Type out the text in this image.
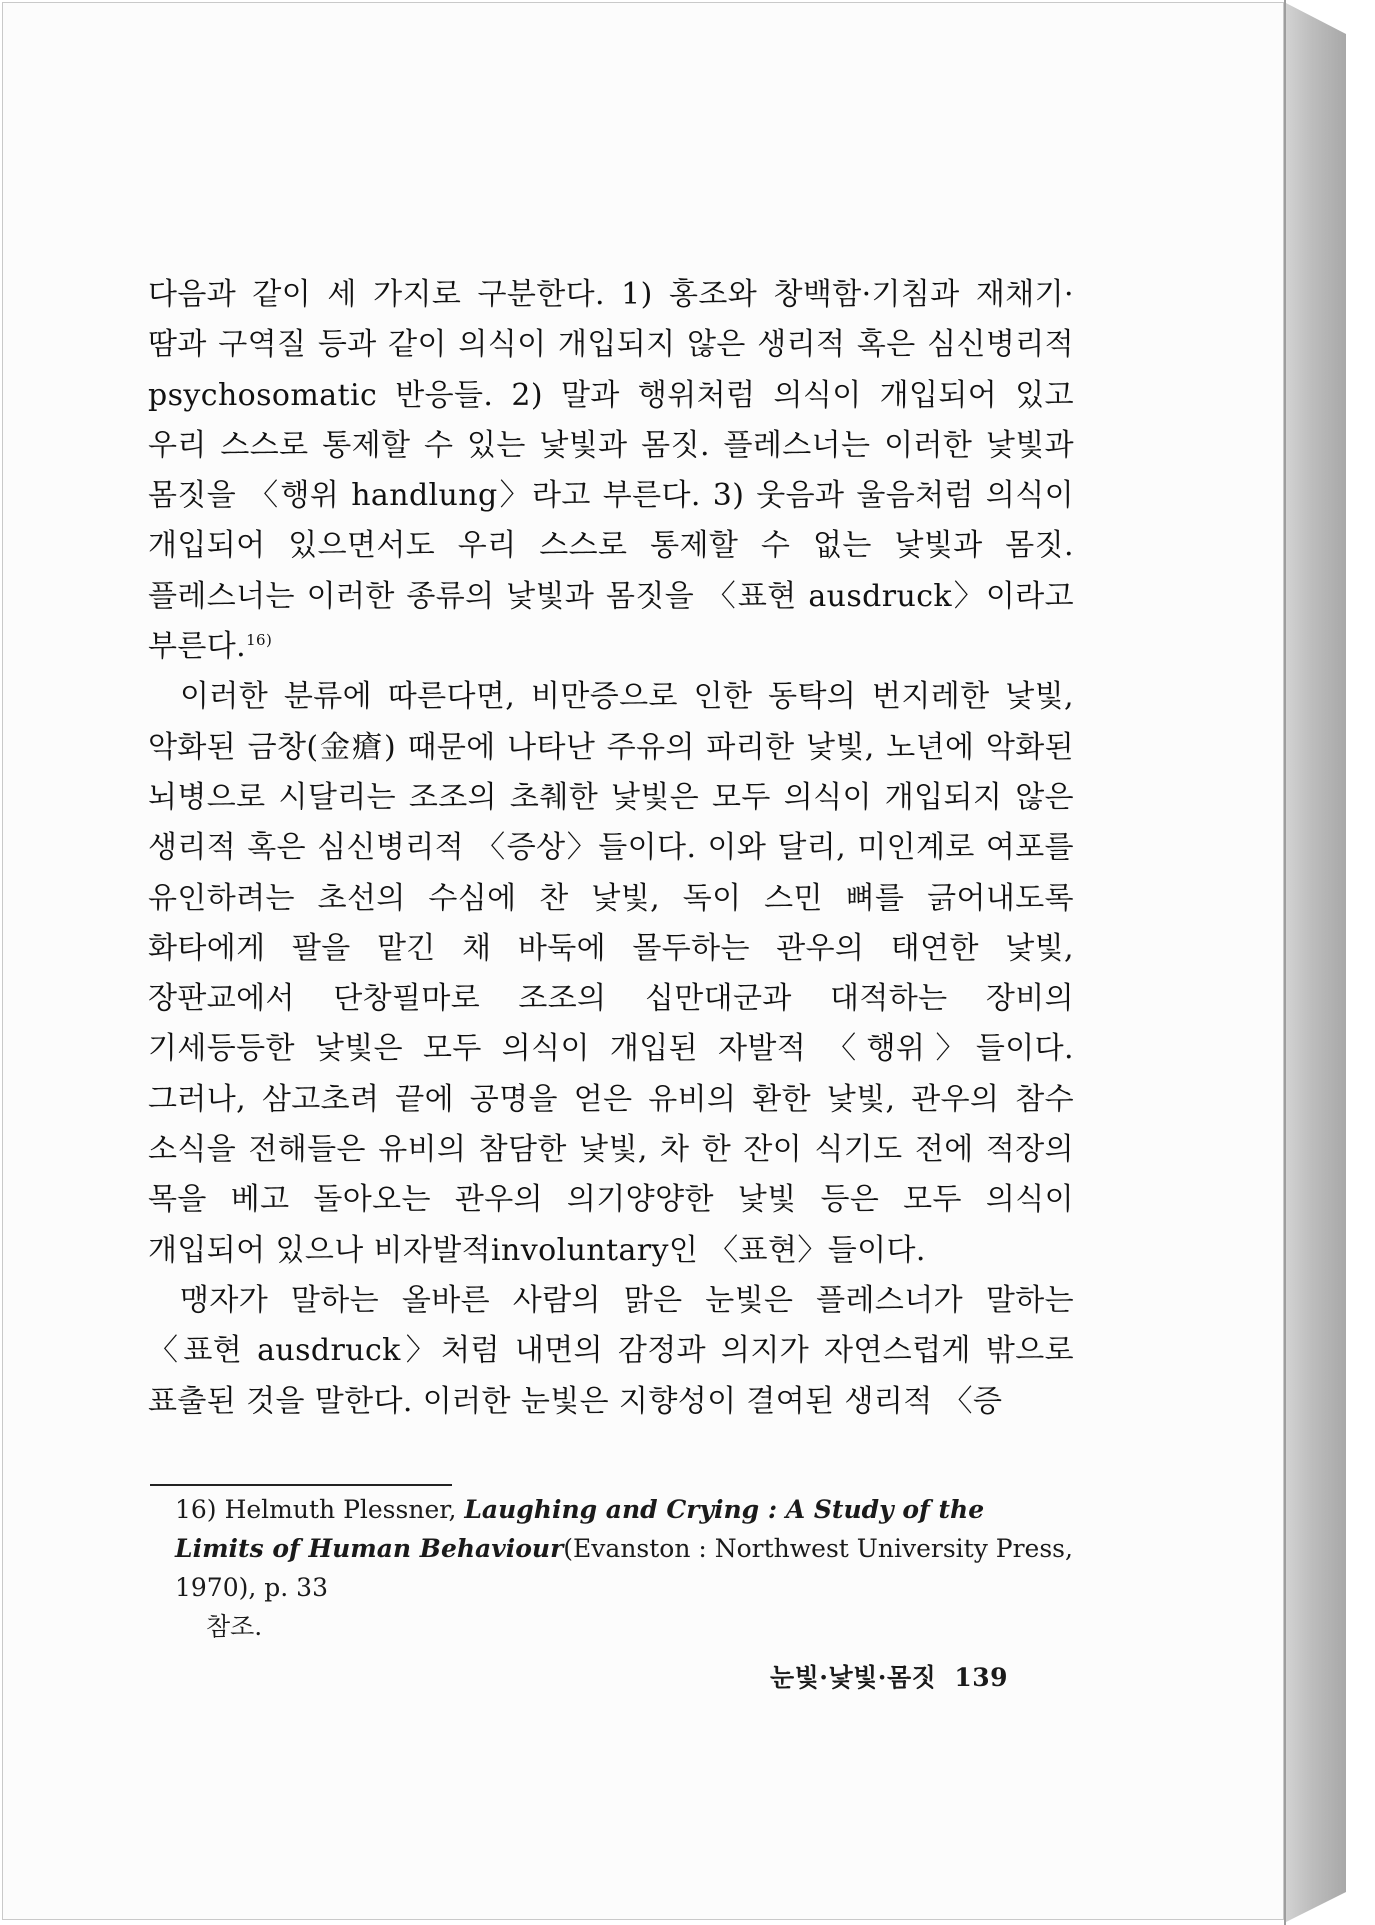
다음과 같이 세 가지로 구분한다. 1) 홍조와 창백함·기침과 재채기·땀과 구역질 등과 같이 의식이 개입되지 않은 생리적 혹은 심신병리적 psychosomatic 반응들. 2) 말과 행위처럼 의식이 개입되어 있고 우리 스스로 통제할 수 있는 낯빛과 몸짓. 플레스너는 이러한 낯빛과 몸짓을 〈행위 handlung〉라고 부른다. 3) 웃음과 울음처럼 의식이 개입되어 있으면서도 우리 스스로 통제할 수 없는 낯빛과 몸짓. 플레스너는 이러한 종류의 낯빛과 몸짓을 〈표현 ausdruck〉이라고 부른다.$^{16)}$

이러한 분류에 따른다면, 비만증으로 인한 동탁의 번지레한 낯빛, 악화된 금창(金瘡) 때문에 나타난 주유의 파리한 낯빛, 노년에 악화된 뇌병으로 시달리는 조조의 초췌한 낯빛은 모두 의식이 개입되지 않은 생리적 혹은 심신병리적 〈증상〉들이다. 이와 달리, 미인계로 여포를 유인하려는 초선의 수심에 찬 낯빛, 독이 스민 뼈를 긁어내도록 화타에게 팔을 맡긴 채 바둑에 몰두하는 관우의 태연한 낯빛, 장판교에서 단창필마로 조조의 십만대군과 대적하는 장비의 기세등등한 낯빛은 모두 의식이 개입된 자발적 〈행위〉들이다. 그러나, 삼고초려 끝에 공명을 얻은 유비의 환한 낯빛, 관우의 참수 소식을 전해들은 유비의 참담한 낯빛, 차 한 잔이 식기도 전에 적장의 목을 베고 돌아오는 관우의 의기양양한 낯빛 등은 모두 의식이 개입되어 있으나 비자발적involuntary인 〈표현〉들이다.

맹자가 말하는 올바른 사람의 맑은 눈빛은 플레스너가 말하는 〈표현 ausdruck〉처럼 내면의 감정과 의지가 자연스럽게 밖으로 표출된 것을 말한다. 이러한 눈빛은 지향성이 결여된 생리적 〈증

16) Helmuth Plessner, Laughing and Crying : A Study of the Limits of Human Behaviour(Evanston : Northwest University Press, 1970), p. 33
참조.

눈빛·낯빛·몸짓 139
